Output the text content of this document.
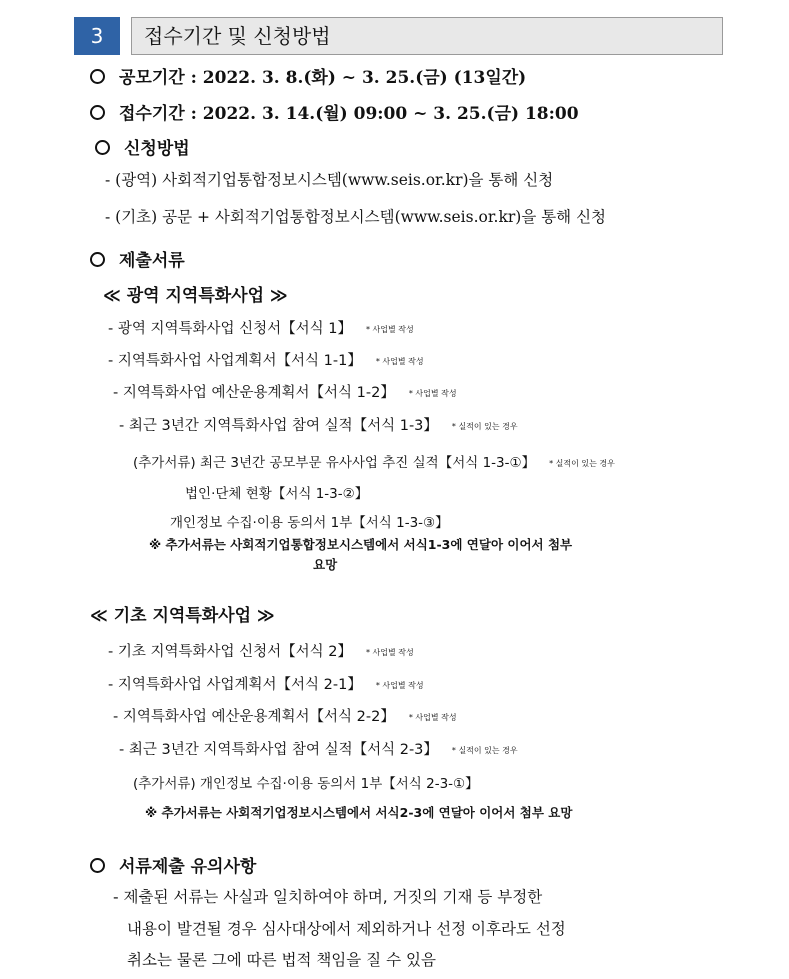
3	접수기간 및 신청방법
공모기간 : 2022. 3. 8.(화) ~ 3. 25.(금) (13일간)
접수기간 : 2022. 3. 14.(월) 09:00 ~ 3. 25.(금) 18:00
신청방법
- (광역) 사회적기업통합정보시스템(www.seis.or.kr)을 통해 신청
- (기초) 공문 + 사회적기업통합정보시스템(www.seis.or.kr)을 통해 신청
제출서류
≪ 광역 지역특화사업 ≫
- 광역 지역특화사업 신청서【서식 1】 * 사업별 작성
- 지역특화사업 사업계획서【서식 1-1】 * 사업별 작성
- 지역특화사업 예산운용계획서【서식 1-2】 * 사업별 작성
- 최근 3년간 지역특화사업 참여 실적【서식 1-3】 * 실적이 있는 경우
(추가서류) 최근 3년간 공모부문 유사사업 추진 실적【서식 1-3-①】 * 실적이 있는 경우
법인·단체 현황【서식 1-3-②】
개인정보 수집·이용 동의서 1부【서식 1-3-③】
※ 추가서류는 사회적기업통합정보시스템에서 서식1-3에 연달아 이어서 첨부
요망
≪ 기초 지역특화사업 ≫
- 기초 지역특화사업 신청서【서식 2】 * 사업별 작성
- 지역특화사업 사업계획서【서식 2-1】 * 사업별 작성
- 지역특화사업 예산운용계획서【서식 2-2】 * 사업별 작성
- 최근 3년간 지역특화사업 참여 실적【서식 2-3】 * 실적이 있는 경우
(추가서류) 개인정보 수집·이용 동의서 1부【서식 2-3-①】
※ 추가서류는 사회적기업정보시스템에서 서식2-3에 연달아 이어서 첨부 요망
서류제출 유의사항
- 제출된 서류는 사실과 일치하여야 하며, 거짓의 기재 등 부정한
내용이 발견될 경우 심사대상에서 제외하거나 선정 이후라도 선정
취소는 물론 그에 따른 법적 책임을 질 수 있음
